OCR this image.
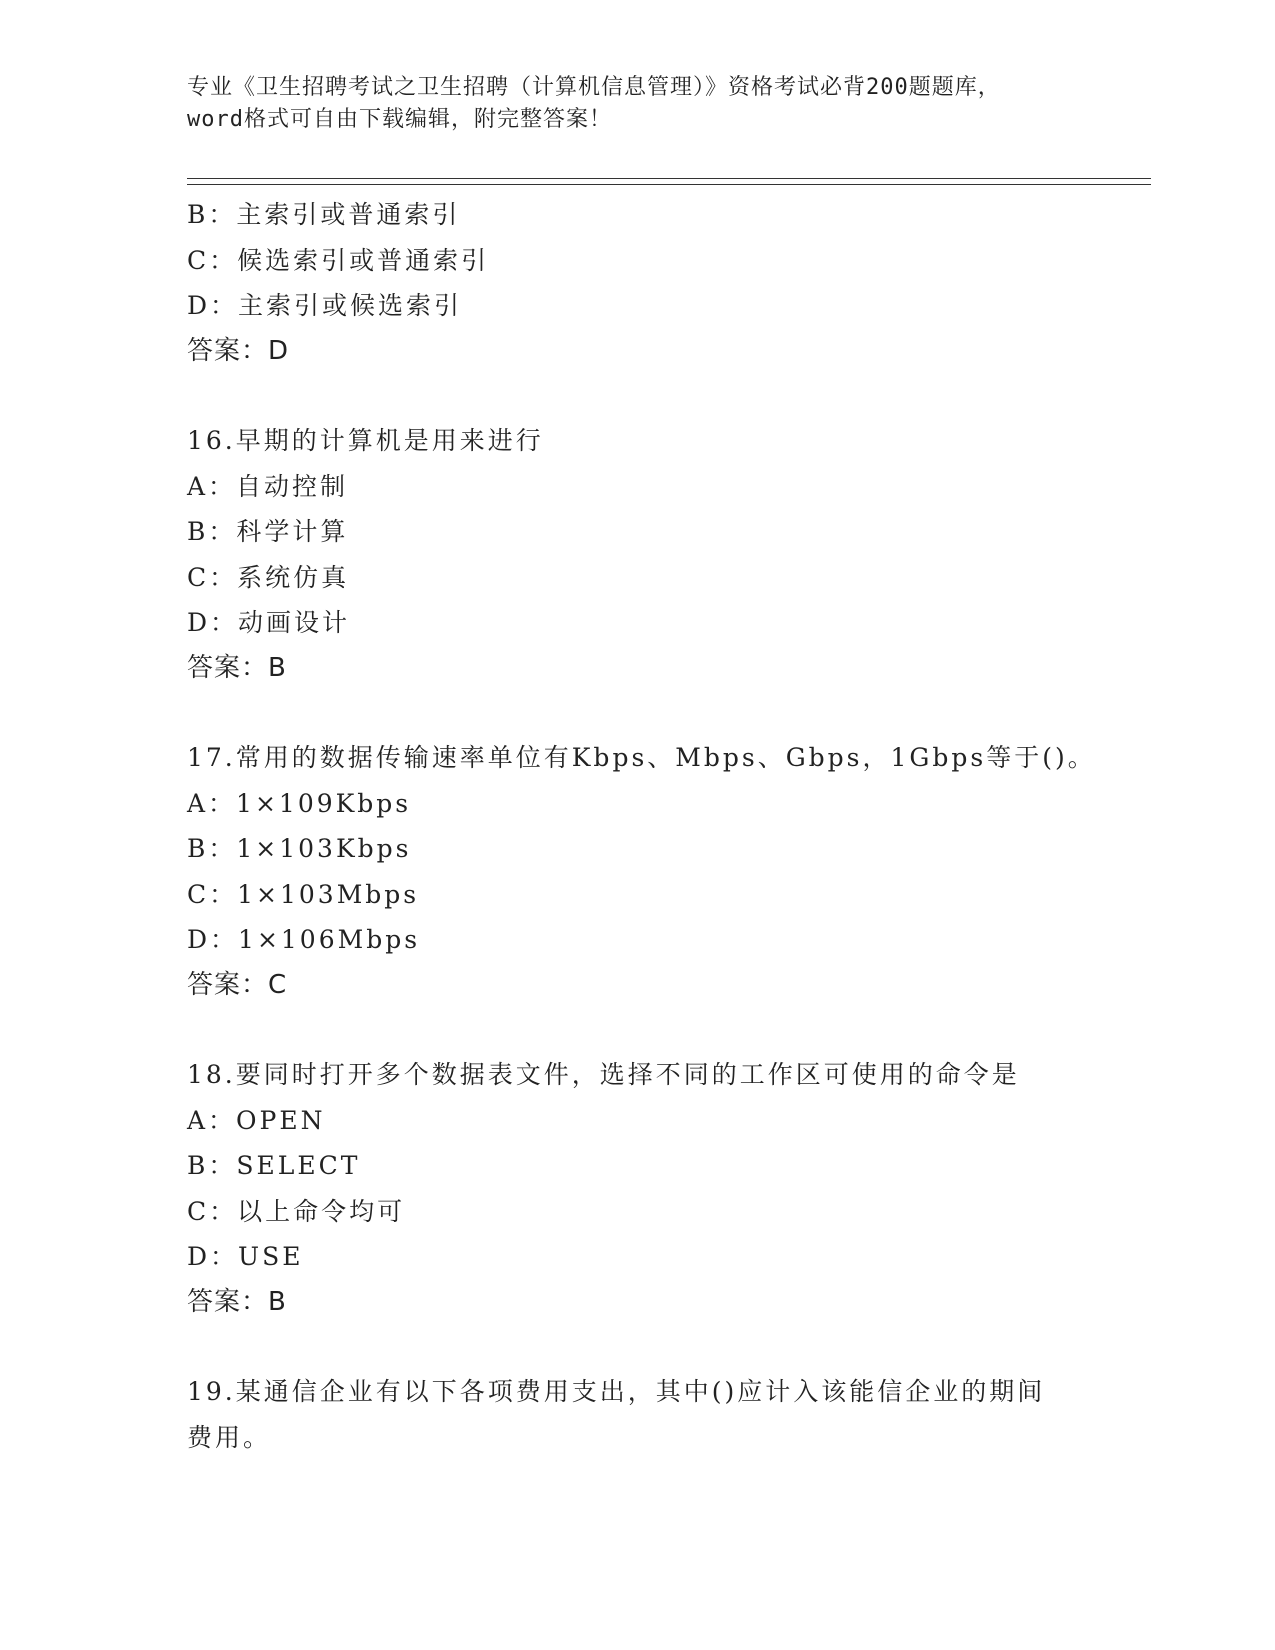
专业《卫生招聘考试之卫生招聘（计算机信息管理）》资格考试必背200题题库，
word格式可自由下载编辑，附完整答案！
B：主索引或普通索引
C：候选索引或普通索引
D：主索引或候选索引
答案：D
16.早期的计算机是用来进行
A：自动控制
B：科学计算
C：系统仿真
D：动画设计
答案：B
17.常用的数据传输速率单位有Kbps、Mbps、Gbps，1Gbps等于()。
A：1×109Kbps
B：1×103Kbps
C：1×103Mbps
D：1×106Mbps
答案：C
18.要同时打开多个数据表文件，选择不同的工作区可使用的命令是
A：OPEN
B：SELECT
C：以上命令均可
D：USE
答案：B
19.某通信企业有以下各项费用支出，其中()应计入该能信企业的期间
费用。
